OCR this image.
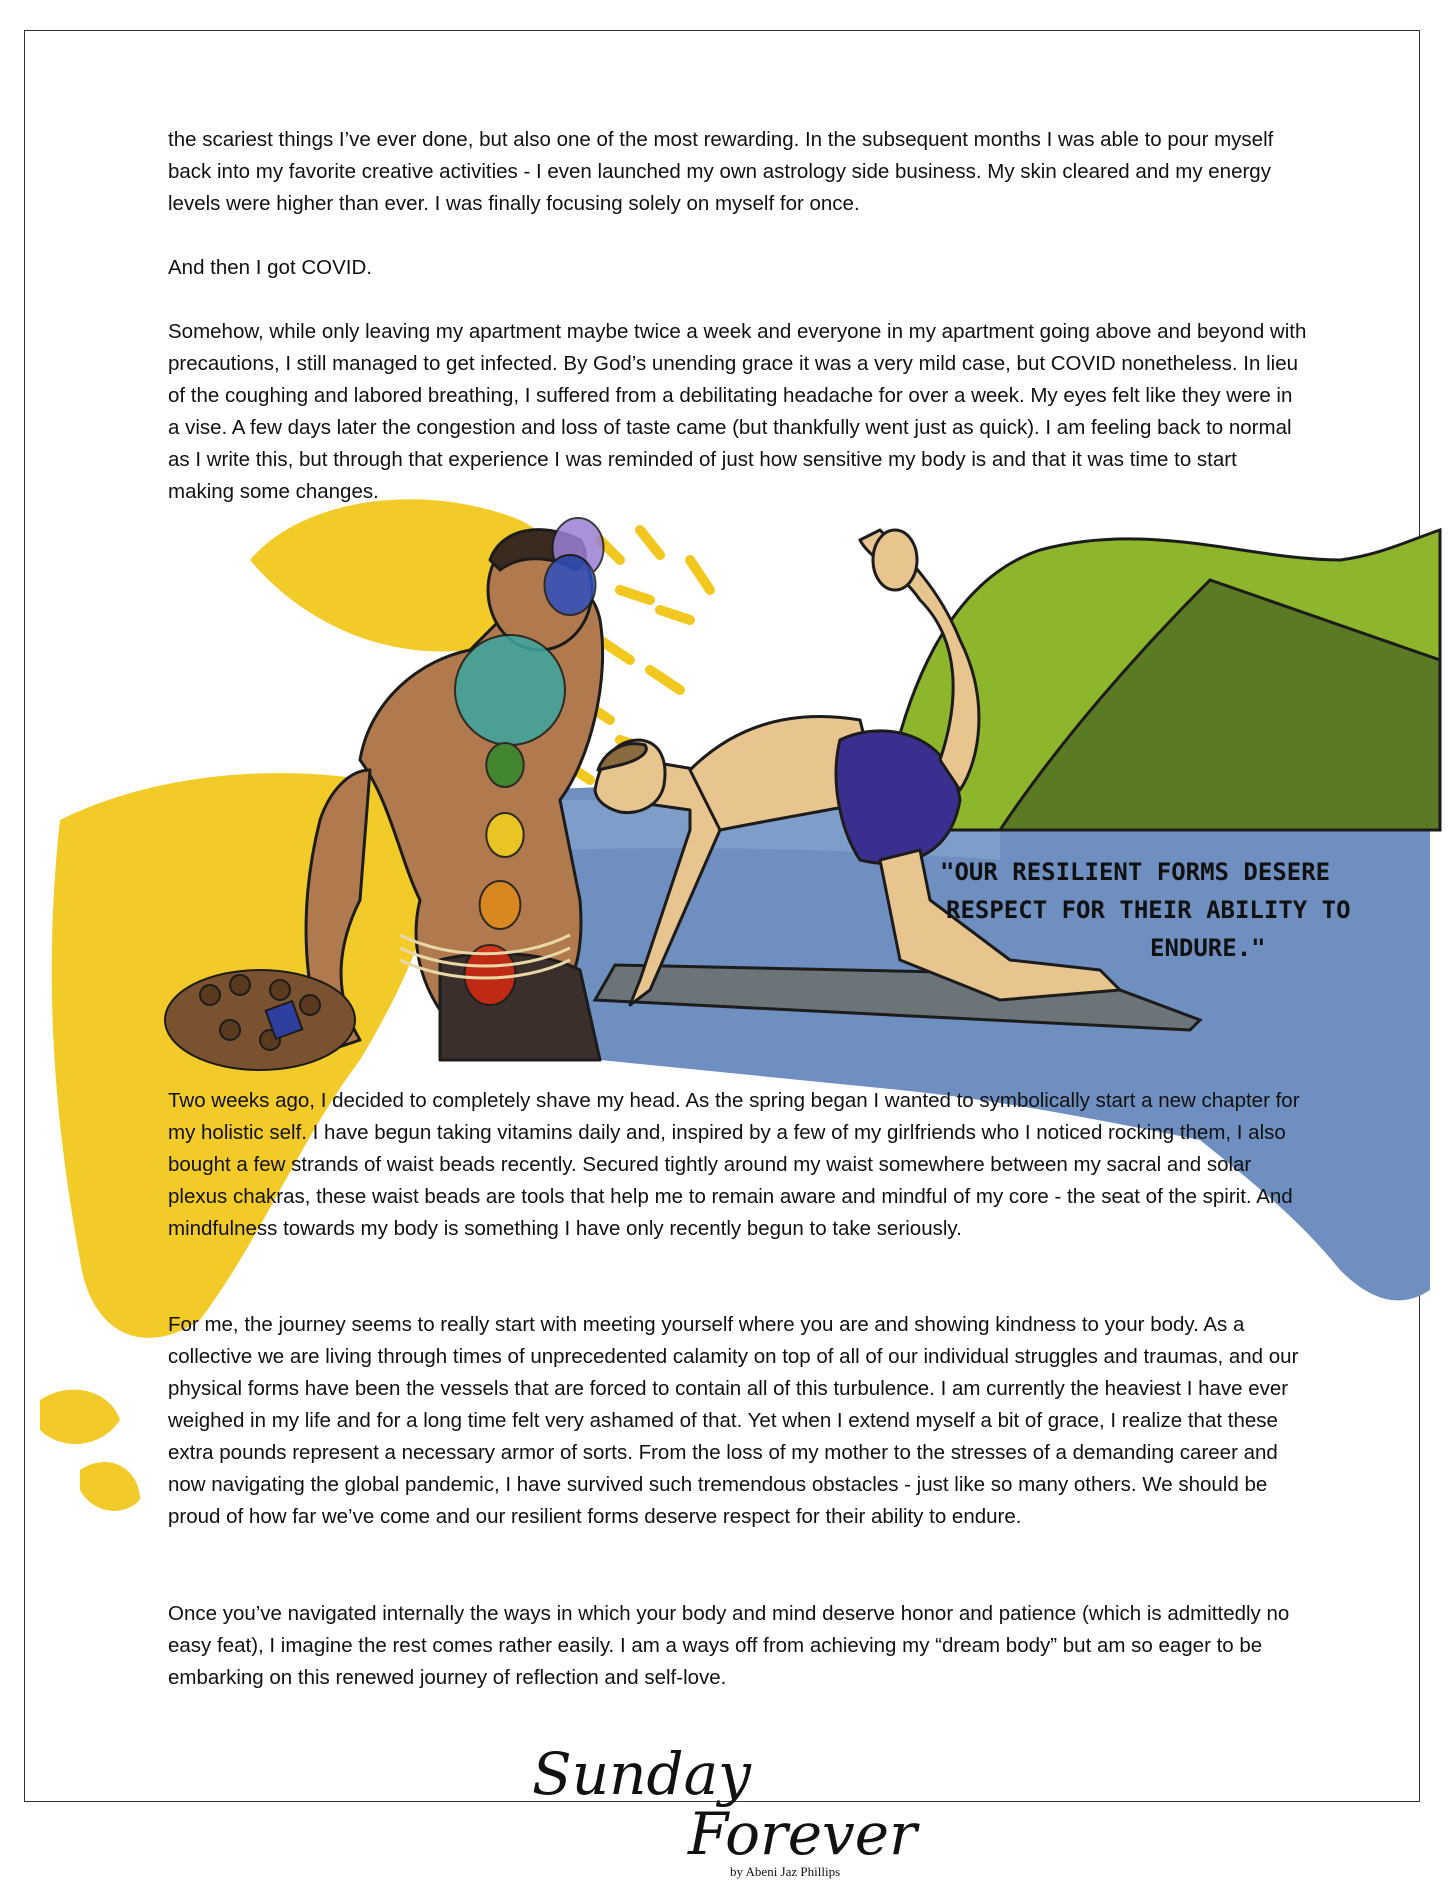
"OUR RESILIENT FORMS DESERE
RESPECT FOR THEIR ABILITY TO
ENDURE."

the scariest things I’ve ever done, but also one of the most rewarding. In the subsequent months I was able to pour myself back into my favorite creative activities - I even launched my own astrology side business. My skin cleared and my energy levels were higher than ever. I was finally focusing solely on myself for once.

And then I got COVID.

Somehow, while only leaving my apartment maybe twice a week and everyone in my apartment going above and beyond with precautions, I still managed to get infected. By God’s unending grace it was a very mild case, but COVID nonetheless. In lieu of the coughing and labored breathing, I suffered from a debilitating headache for over a week. My eyes felt like they were in a vise. A few days later the congestion and loss of taste came (but thankfully went just as quick). I am feeling back to normal as I write this, but through that experience I was reminded of just how sensitive my body is and that it was time to start making some changes.

Two weeks ago, I decided to completely shave my head. As the spring began I wanted to symbolically start a new chapter for my holistic self. I have begun taking vitamins daily and, inspired by a few of my girlfriends who I noticed rocking them, I also bought a few strands of waist beads recently. Secured tightly around my waist somewhere between my sacral and solar plexus chakras, these waist beads are tools that help me to remain aware and mindful of my core - the seat of the spirit. And mindfulness towards my body is something I have only recently begun to take seriously.

For me, the journey seems to really start with meeting yourself where you are and showing kindness to your body. As a collective we are living through times of unprecedented calamity on top of all of our individual struggles and traumas, and our physical forms have been the vessels that are forced to contain all of this turbulence. I am currently the heaviest I have ever weighed in my life and for a long time felt very ashamed of that. Yet when I extend myself a bit of grace, I realize that these extra pounds represent a necessary armor of sorts. From the loss of my mother to the stresses of a demanding career and now navigating the global pandemic, I have survived such tremendous obstacles - just like so many others. We should be proud of how far we’ve come and our resilient forms deserve respect for their ability to endure.

Once you’ve navigated internally the ways in which your body and mind deserve honor and patience (which is admittedly no easy feat), I imagine the rest comes rather easily. I am a ways off from achieving my “dream body” but am so eager to be embarking on this renewed journey of reflection and self-love.

Sunday

Forever

by Abeni Jaz Phillips
